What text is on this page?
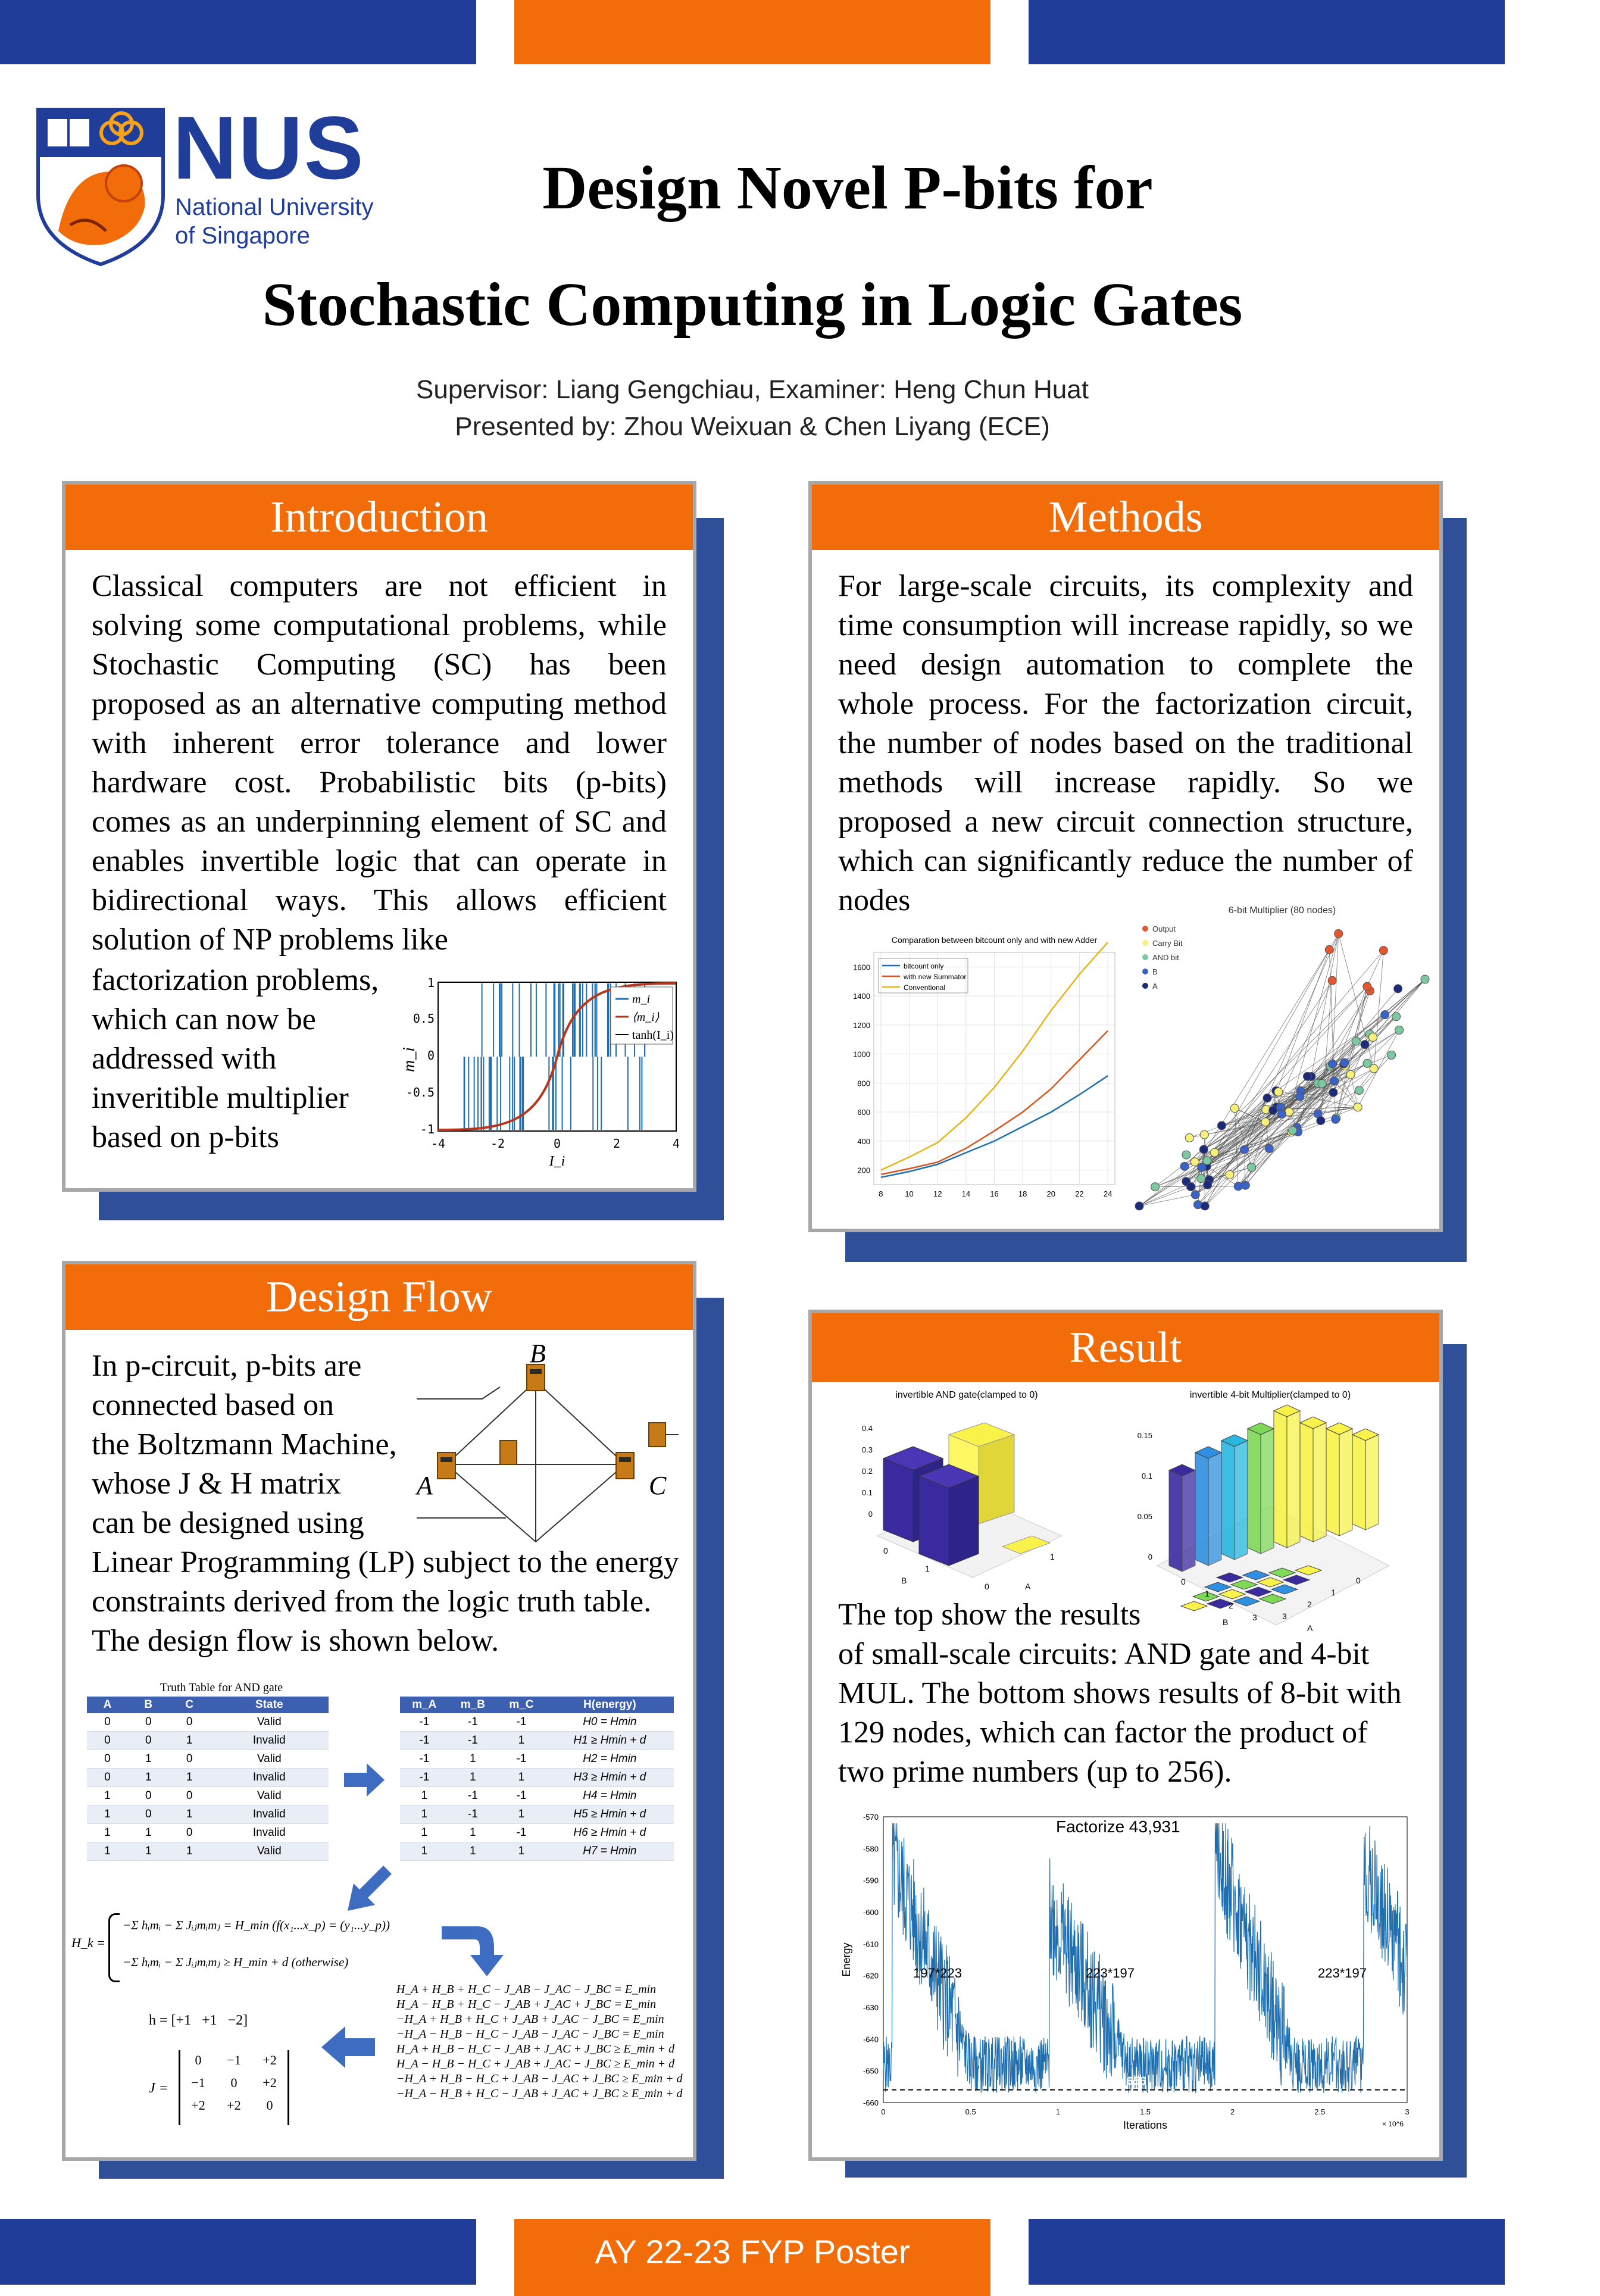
NUS
National University
of Singapore
Design Novel P-bits for
Stochastic Computing in Logic Gates
Supervisor: Liang Gengchiau, Examiner: Heng Chun Huat
Presented by: Zhou Weixuan & Chen Liyang (ECE)
Introduction
Classical computers are not efficient in solving some computational problems, while Stochastic Computing (SC) has been proposed as an alternative computing method with inherent error tolerance and lower hardware cost. Probabilistic bits (p-bits) comes as an underpinning element of SC and enables invertible logic that can operate in bidirectional ways. This allows efficient solution of NP problems like
factorization problems,
which can now be
addressed with
inveritible multiplier
based on p-bits
m_i
⟨m_i⟩
tanh(I_i)
1
0.5
0
-0.5
-1
-4	-2	0	2	4
I_i
m_i
Methods
For large-scale circuits, its complexity and time consumption will increase rapidly, so we need design automation to complete the whole process. For the factorization circuit, the number of nodes based on the traditional methods will increase rapidly. So we proposed a new circuit connection structure, which can significantly reduce the number of nodes
Comparation between bitcount only and with new Adder
200
400
600
800
1000
1200
1400
1600
8	10	12	14	16	18	20	22	24
bitcount only
with new Summator
Conventional
6-bit Multiplier (80 nodes)
Output
Carry Bit
AND bit
B
A
Design Flow
In p-circuit, p-bits are
connected based on
the Boltzmann Machine,
whose J & H matrix
can be designed using
Linear Programming (LP) subject to the energy constraints derived from the logic truth table. The design flow is shown below.
A
B
C
Truth Table for AND gate
A	B	C	State
0	0	0	Valid
0	0	1	Invalid
0	1	0	Valid
0	1	1	Invalid
1	0	0	Valid
1	0	1	Invalid
1	1	0	Invalid
1	1	1	Valid
m_A	m_B	m_C	H(energy)
-1	-1	-1	H0 = Hmin
-1	-1	1	H1 ≥ Hmin + d
-1	1	-1	H2 = Hmin
-1	1	1	H3 ≥ Hmin + d
1	-1	-1	H4 = Hmin
1	-1	1	H5 ≥ Hmin + d
1	1	-1	H6 ≥ Hmin + d
1	1	1	H7 = Hmin
H_k =
−Σ hᵢmᵢ − Σ Jᵢⱼmᵢmⱼ = H_min (f(x₁...x_p) = (y₁...y_p))
−Σ hᵢmᵢ − Σ Jᵢⱼmᵢmⱼ ≥ H_min + d (otherwise)
H_A + H_B + H_C − J_AB − J_AC − J_BC = E_min
H_A − H_B + H_C − J_AB + J_AC + J_BC = E_min
−H_A + H_B + H_C + J_AB + J_AC − J_BC = E_min
−H_A − H_B − H_C − J_AB − J_AC − J_BC = E_min
H_A + H_B − H_C − J_AB + J_AC + J_BC ≥ E_min + d
H_A − H_B − H_C + J_AB + J_AC − J_BC ≥ E_min + d
−H_A + H_B − H_C + J_AB − J_AC + J_BC ≥ E_min + d
−H_A − H_B + H_C − J_AB + J_AC + J_BC ≥ E_min + d
h = [+1   +1   −2]
J =
0	−1	+2
−1	0	+2
+2	+2	0
Result
invertible AND gate(clamped to 0)
0.4
0.3
0.2
0.1
0
0
1
B
0
1
A
invertible 4-bit Multiplier(clamped to 0)
0.15
0.1
0.05
0
0
1
2
3
B
3
2
1
0
A
The top show the results
of small-scale circuits: AND gate and 4-bit MUL. The bottom shows results of 8-bit with 129 nodes, which can factor the product of two prime numbers (up to 256).
-570
-580
-590
-600
-610
-620
-630
-640
-650
-660
0	0.5	1	1.5	2	2.5	3
Iterations
Energy
× 10^6
Factorize 43,931
197*223	223*197	223*197
Emin = -656
AY 22-23 FYP Poster
